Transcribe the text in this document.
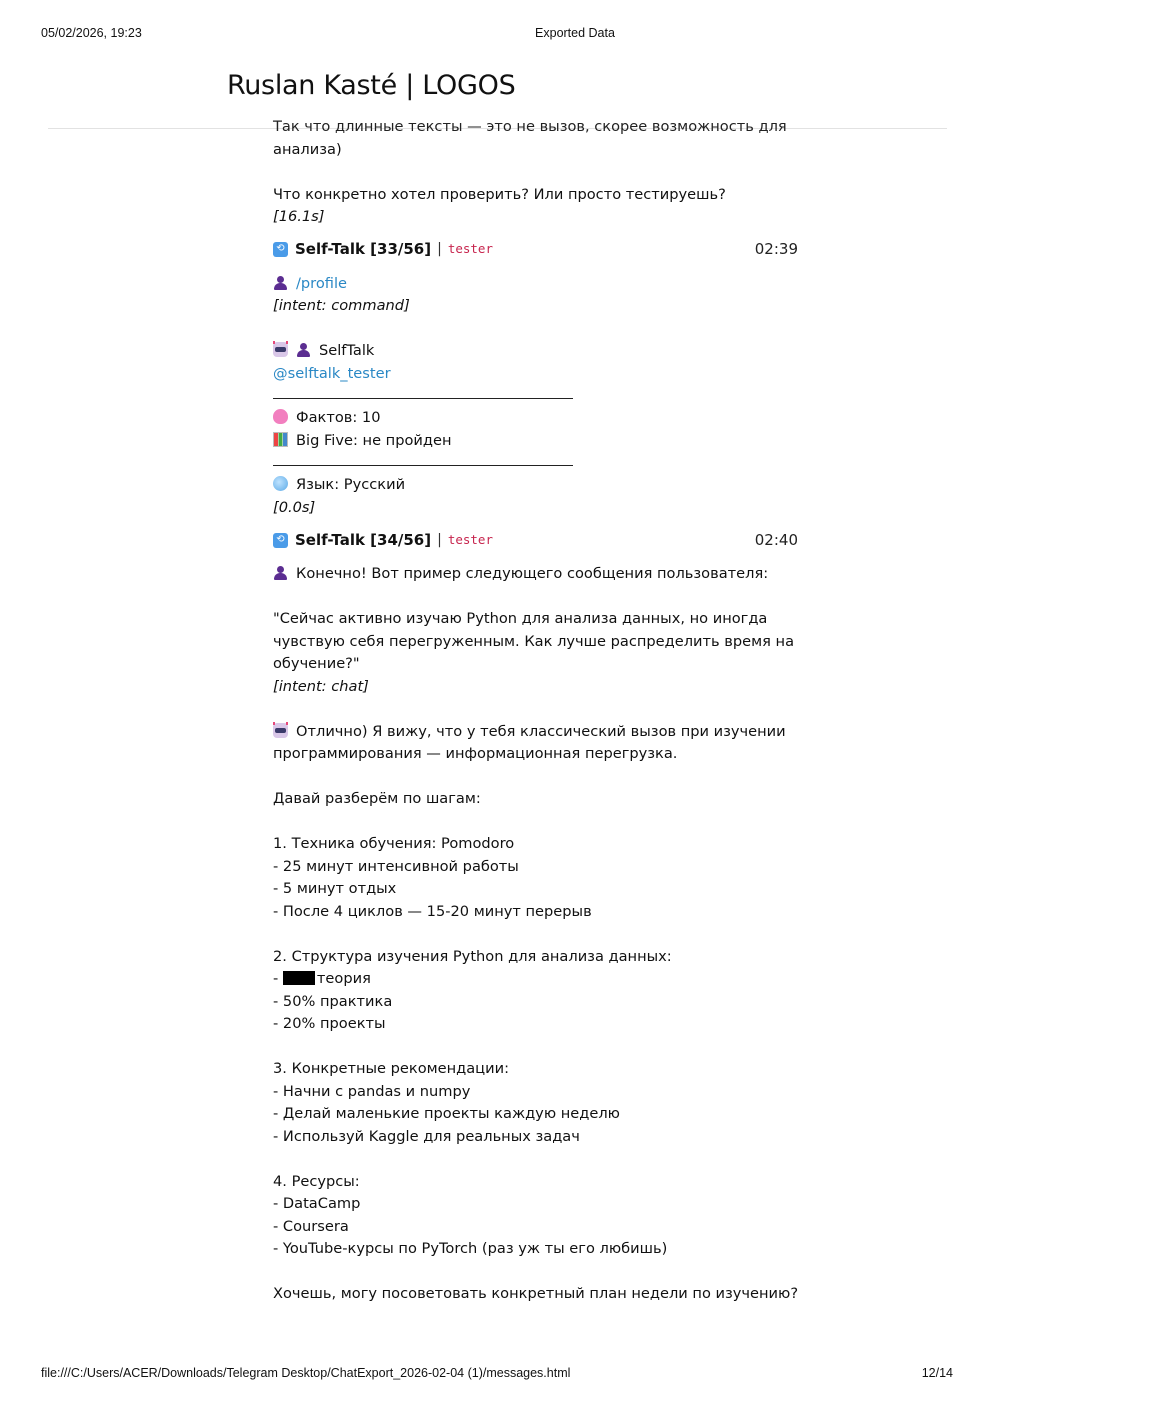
05/02/2026, 19:23	Exported Data
Ruslan Kasté | LOGOS
Так что длинные тексты — это не вызов, скорее возможность для
анализа)
Что конкретно хотел проверить? Или просто тестируешь?
[16.1s]
⟲ Self-Talk [33/56] | tester	02:39
/profile
[intent: command]
SelfTalk
@selftalk_tester
Фактов: 10
Big Five: не пройден
Язык: Русский
[0.0s]
⟲ Self-Talk [34/56] | tester	02:40
Конечно! Вот пример следующего сообщения пользователя:
"Сейчас активно изучаю Python для анализа данных, но иногда
чувствую себя перегруженным. Как лучше распределить время на
обучение?"
[intent: chat]
Отлично) Я вижу, что у тебя классический вызов при изучении
программирования — информационная перегрузка.
Давай разберём по шагам:
1. Техника обучения: Pomodoro
- 25 минут интенсивной работы
- 5 минут отдых
- После 4 циклов — 15-20 минут перерыв
2. Структура изучения Python для анализа данных:
- теория
- 50% практика
- 20% проекты
3. Конкретные рекомендации:
- Начни с pandas и numpy
- Делай маленькие проекты каждую неделю
- Используй Kaggle для реальных задач
4. Ресурсы:
- DataCamp
- Coursera
- YouTube-курсы по PyTorch (раз уж ты его любишь)
Хочешь, могу посоветовать конкретный план недели по изучению?
file:///C:/Users/ACER/Downloads/Telegram Desktop/ChatExport_2026-02-04 (1)/messages.html	12/14
